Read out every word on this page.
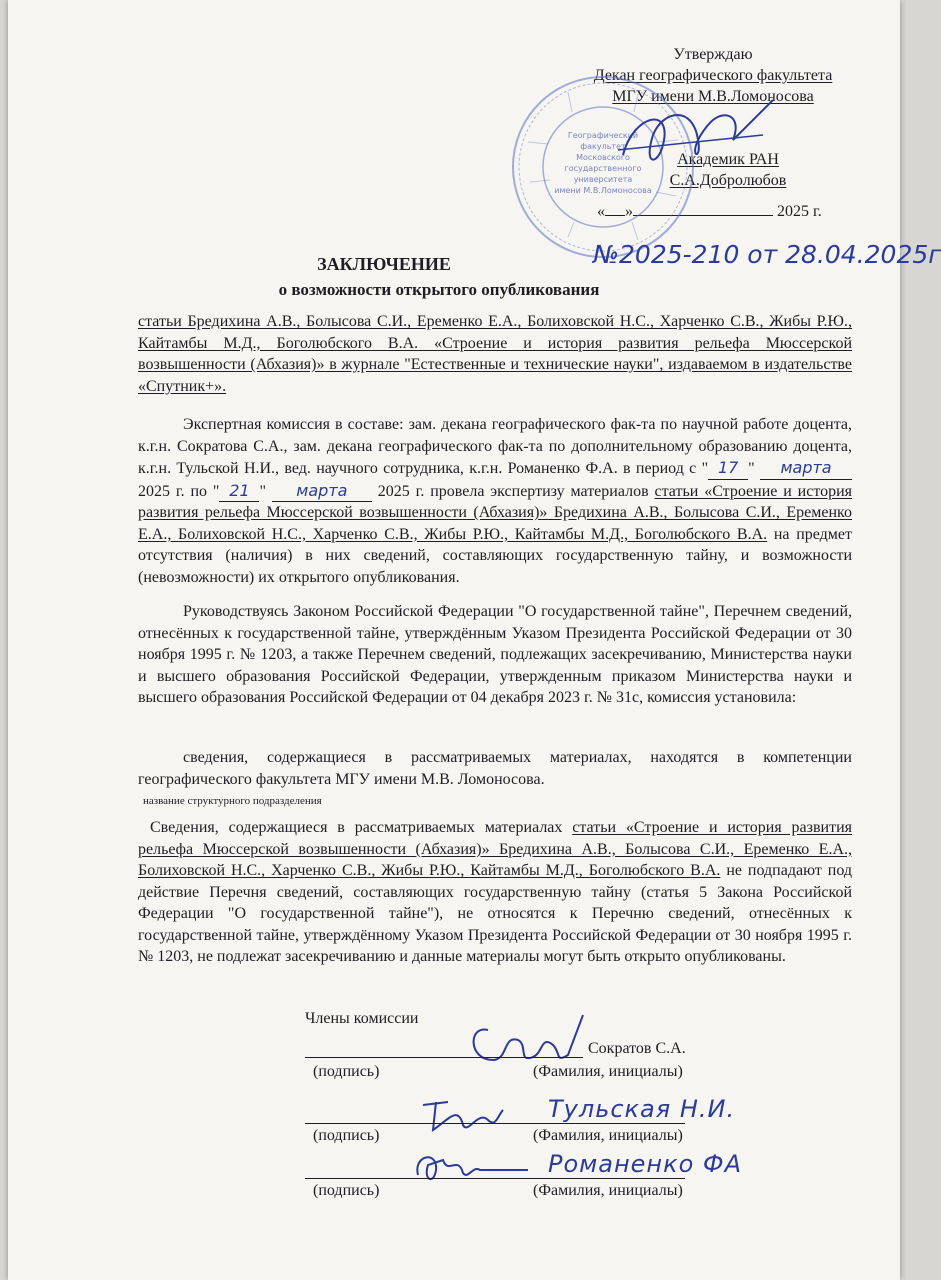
Утверждаю
Декан географического факультета
МГУ имени М.В.Ломоносова
Академик РАН
С.А.Добролюбов
« »	2025 г.
Географический
факультет
Московского
государственного
университета
имени М.В.Ломоносова
ЗАКЛЮЧЕНИЕ	№2025-210 от 28.04.2025г
о возможности открытого опубликования
статьи Бредихина А.В., Болысова С.И., Еременко Е.А., Болиховской Н.С., Харченко С.В., Жибы Р.Ю., Кайтамбы М.Д., Боголюбского В.А. «Строение и история развития рельефа Мюссерской возвышенности (Абхазия)» в журнале "Естественные и технические науки", издаваемом в издательстве «Спутник+».
Экспертная комиссия в составе: зам. декана географического фак-та по научной работе доцента, к.г.н. Сократова С.А., зам. декана географического фак-та по дополнительному образованию доцента, к.г.н. Тульской Н.И., вед. научного сотрудника, к.г.н. Романенко Ф.А. в период с " 17 " марта 2025 г. по " 21 " марта 2025 г. провела экспертизу материалов статьи «Строение и история развития рельефа Мюссерской возвышенности (Абхазия)» Бредихина А.В., Болысова С.И., Еременко Е.А., Болиховской Н.С., Харченко С.В., Жибы Р.Ю., Кайтамбы М.Д., Боголюбского В.А. на предмет отсутствия (наличия) в них сведений, составляющих государственную тайну, и возможности (невозможности) их открытого опубликования.
Руководствуясь Законом Российской Федерации "О государственной тайне", Перечнем сведений, отнесённых к государственной тайне, утверждённым Указом Президента Российской Федерации от 30 ноября 1995 г. № 1203, а также Перечнем сведений, подлежащих засекречиванию, Министерства науки и высшего образования Российской Федерации, утвержденным приказом Министерства науки и высшего образования Российской Федерации от 04 декабря 2023 г. № 31с, комиссия установила:
сведения, содержащиеся в рассматриваемых материалах, находятся в компетенции географического факультета МГУ имени М.В. Ломоносова.
название структурного подразделения
Сведения, содержащиеся в рассматриваемых материалах статьи «Строение и история развития рельефа Мюссерской возвышенности (Абхазия)» Бредихина А.В., Болысова С.И., Еременко Е.А., Болиховской Н.С., Харченко С.В., Жибы Р.Ю., Кайтамбы М.Д., Боголюбского В.А. не подпадают под действие Перечня сведений, составляющих государственную тайну (статья 5 Закона Российской Федерации "О государственной тайне"), не относятся к Перечню сведений, отнесённых к государственной тайне, утверждённому Указом Президента Российской Федерации от 30 ноября 1995 г. № 1203, не подлежат засекречиванию и данные материалы могут быть открыто опубликованы.
Члены комиссии
Сократов С.А.
(подпись)	(Фамилия, инициалы)
Тульская Н.И.
(подпись)	(Фамилия, инициалы)
Романенко ФА
(подпись)	(Фамилия, инициалы)
